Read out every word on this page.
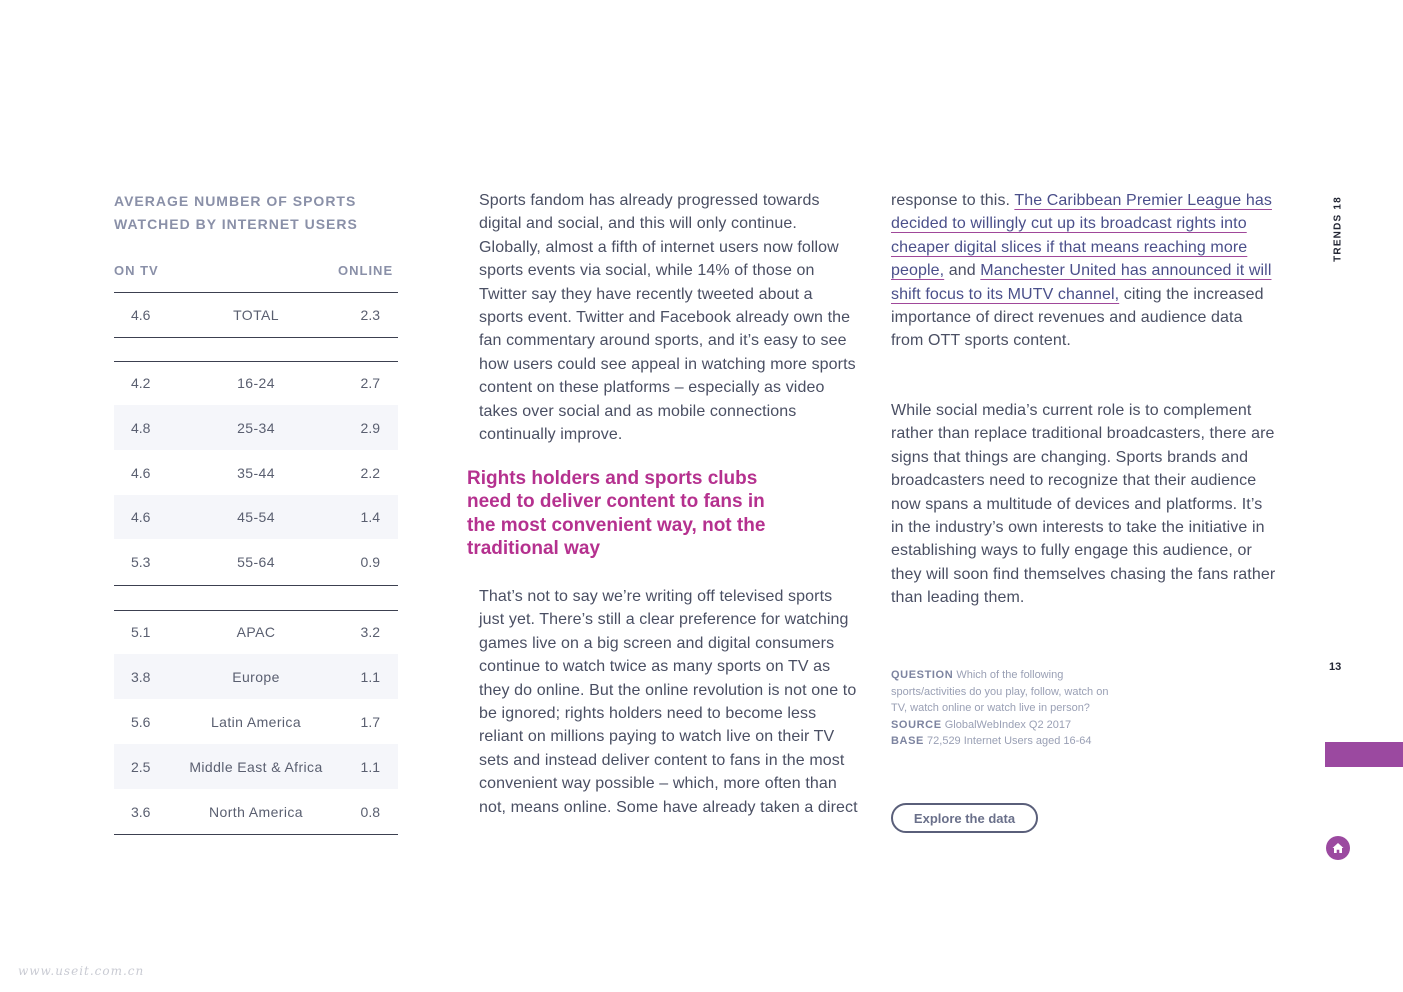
AVERAGE NUMBER OF SPORTS WATCHED BY INTERNET USERS
ON TV	ONLINE
4.6	TOTAL	2.3
4.2	16-24	2.7
4.8	25-34	2.9
4.6	35-44	2.2
4.6	45-54	1.4
5.3	55-64	0.9
5.1	APAC	3.2
3.8	Europe	1.1
5.6	Latin America	1.7
2.5	Middle East & Africa	1.1
3.6	North America	0.8

Sports fandom has already progressed towards digital and social, and this will only continue. Globally, almost a fifth of internet users now follow sports events via social, while 14% of those on Twitter say they have recently tweeted about a sports event. Twitter and Facebook already own the fan commentary around sports, and it’s easy to see how users could see appeal in watching more sports content on these platforms – especially as video takes over social and as mobile connections continually improve.

Rights holders and sports clubs need to deliver content to fans in the most convenient way, not the traditional way

That’s not to say we’re writing off televised sports just yet. There’s still a clear preference for watching games live on a big screen and digital consumers continue to watch twice as many sports on TV as they do online. But the online revolution is not one to be ignored; rights holders need to become less reliant on millions paying to watch live on their TV sets and instead deliver content to fans in the most convenient way possible – which, more often than not, means online. Some have already taken a direct

response to this. The Caribbean Premier League has decided to willingly cut up its broadcast rights into cheaper digital slices if that means reaching more people, and Manchester United has announced it will shift focus to its MUTV channel, citing the increased importance of direct revenues and audience data from OTT sports content.

While social media’s current role is to complement rather than replace traditional broadcasters, there are signs that things are changing. Sports brands and broadcasters need to recognize that their audience now spans a multitude of devices and platforms. It’s in the industry’s own interests to take the initiative in establishing ways to fully engage this audience, or they will soon find themselves chasing the fans rather than leading them.

QUESTION Which of the following sports/activities do you play, follow, watch on TV, watch online or watch live in person?
SOURCE GlobalWebIndex Q2 2017
BASE 72,529 Internet Users aged 16-64
Explore the data
TRENDS 18
13
www.useit.com.cn
